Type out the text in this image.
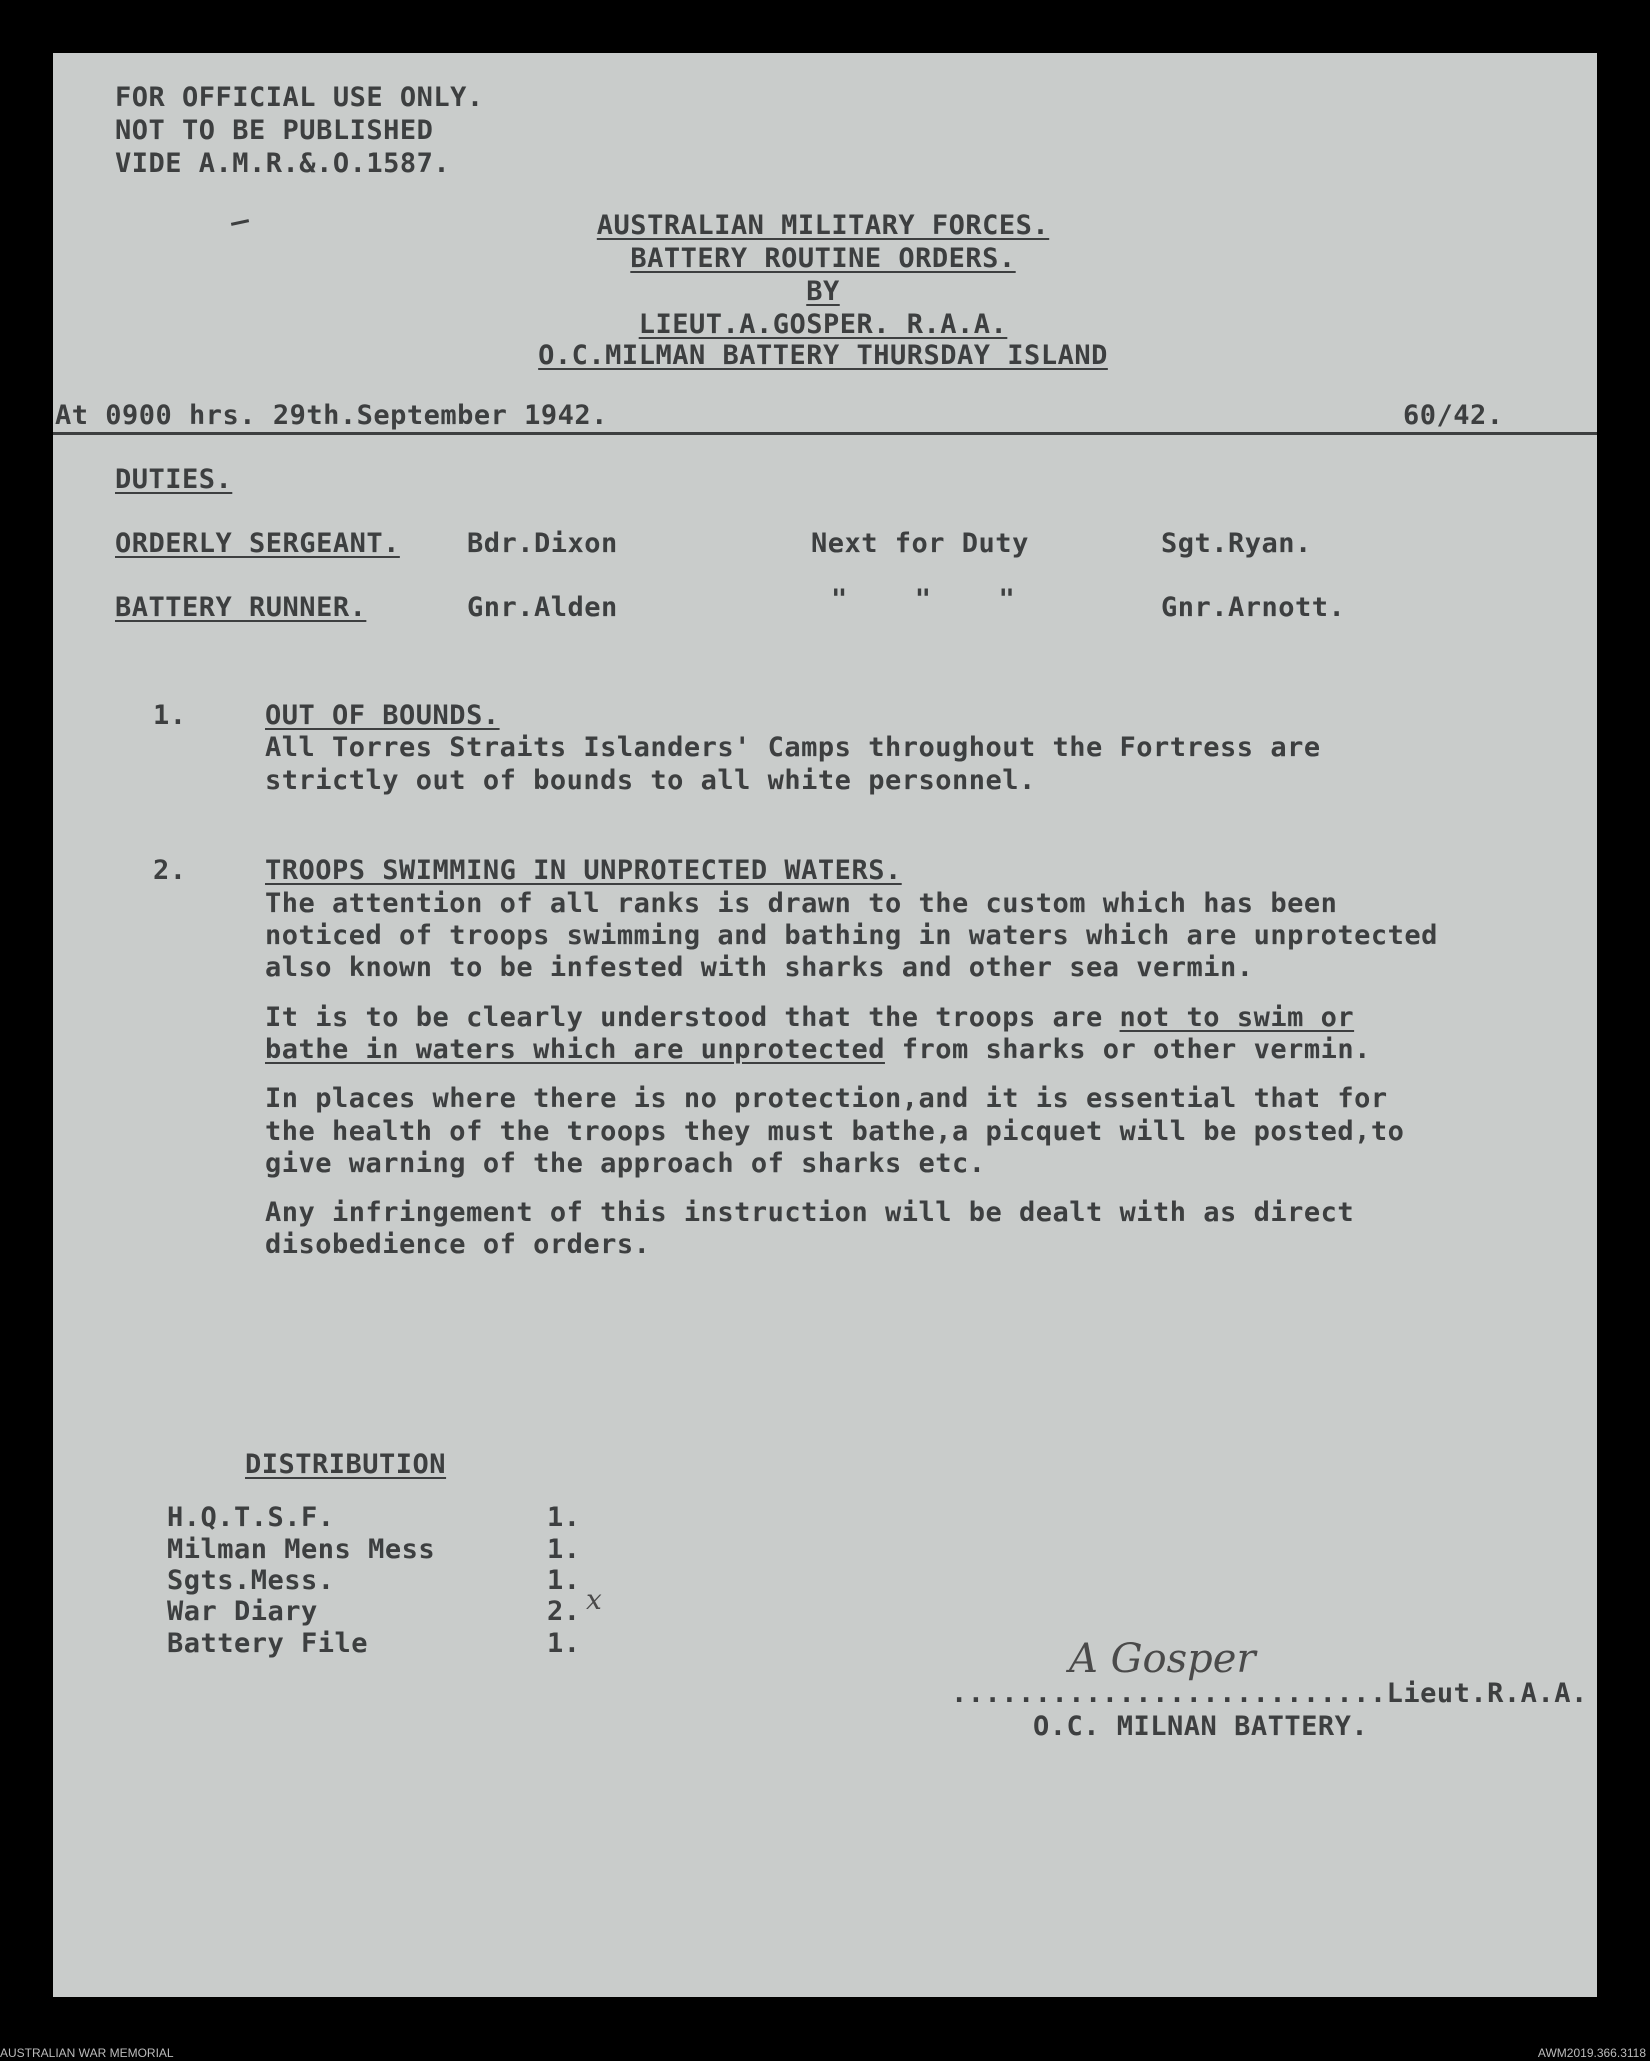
FOR OFFICIAL USE ONLY.
NOT TO BE PUBLISHED
VIDE A.M.R.&.O.1587.
AUSTRALIAN MILITARY FORCES.
BATTERY ROUTINE ORDERS.
BY
LIEUT.A.GOSPER. R.A.A.
O.C.MILMAN BATTERY THURSDAY ISLAND
At 0900 hrs. 29th.September 1942.	60/42.
DUTIES.
ORDERLY SERGEANT. Bdr.Dixon	Next for Duty	Sgt.Ryan.
BATTERY RUNNER.	Gnr.Alden	"    "    "	Gnr.Arnott.
1.	OUT OF BOUNDS.
All Torres Straits Islanders' Camps throughout the Fortress are
strictly out of bounds to all white personnel.
2.	TROOPS SWIMMING IN UNPROTECTED WATERS.
The attention of all ranks is drawn to the custom which has been
noticed of troops swimming and bathing in waters which are unprotected
also known to be infested with sharks and other sea vermin.
It is to be clearly understood that the troops are not to swim or
bathe in waters which are unprotected from sharks or other vermin.
In places where there is no protection,and it is essential that for
the health of the troops they must bathe,a picquet will be posted,to
give warning of the approach of sharks etc.
Any infringement of this instruction will be dealt with as direct
disobedience of orders.
DISTRIBUTION
H.Q.T.S.F.	1.
Milman Mens Mess	1.
Sgts.Mess.	1.
War Diary	2. x
Battery File	1.	A Gosper
..........................Lieut.R.A.A.
O.C. MILNAN BATTERY.
AUSTRALIAN WAR MEMORIAL	AWM2019.366.3118
